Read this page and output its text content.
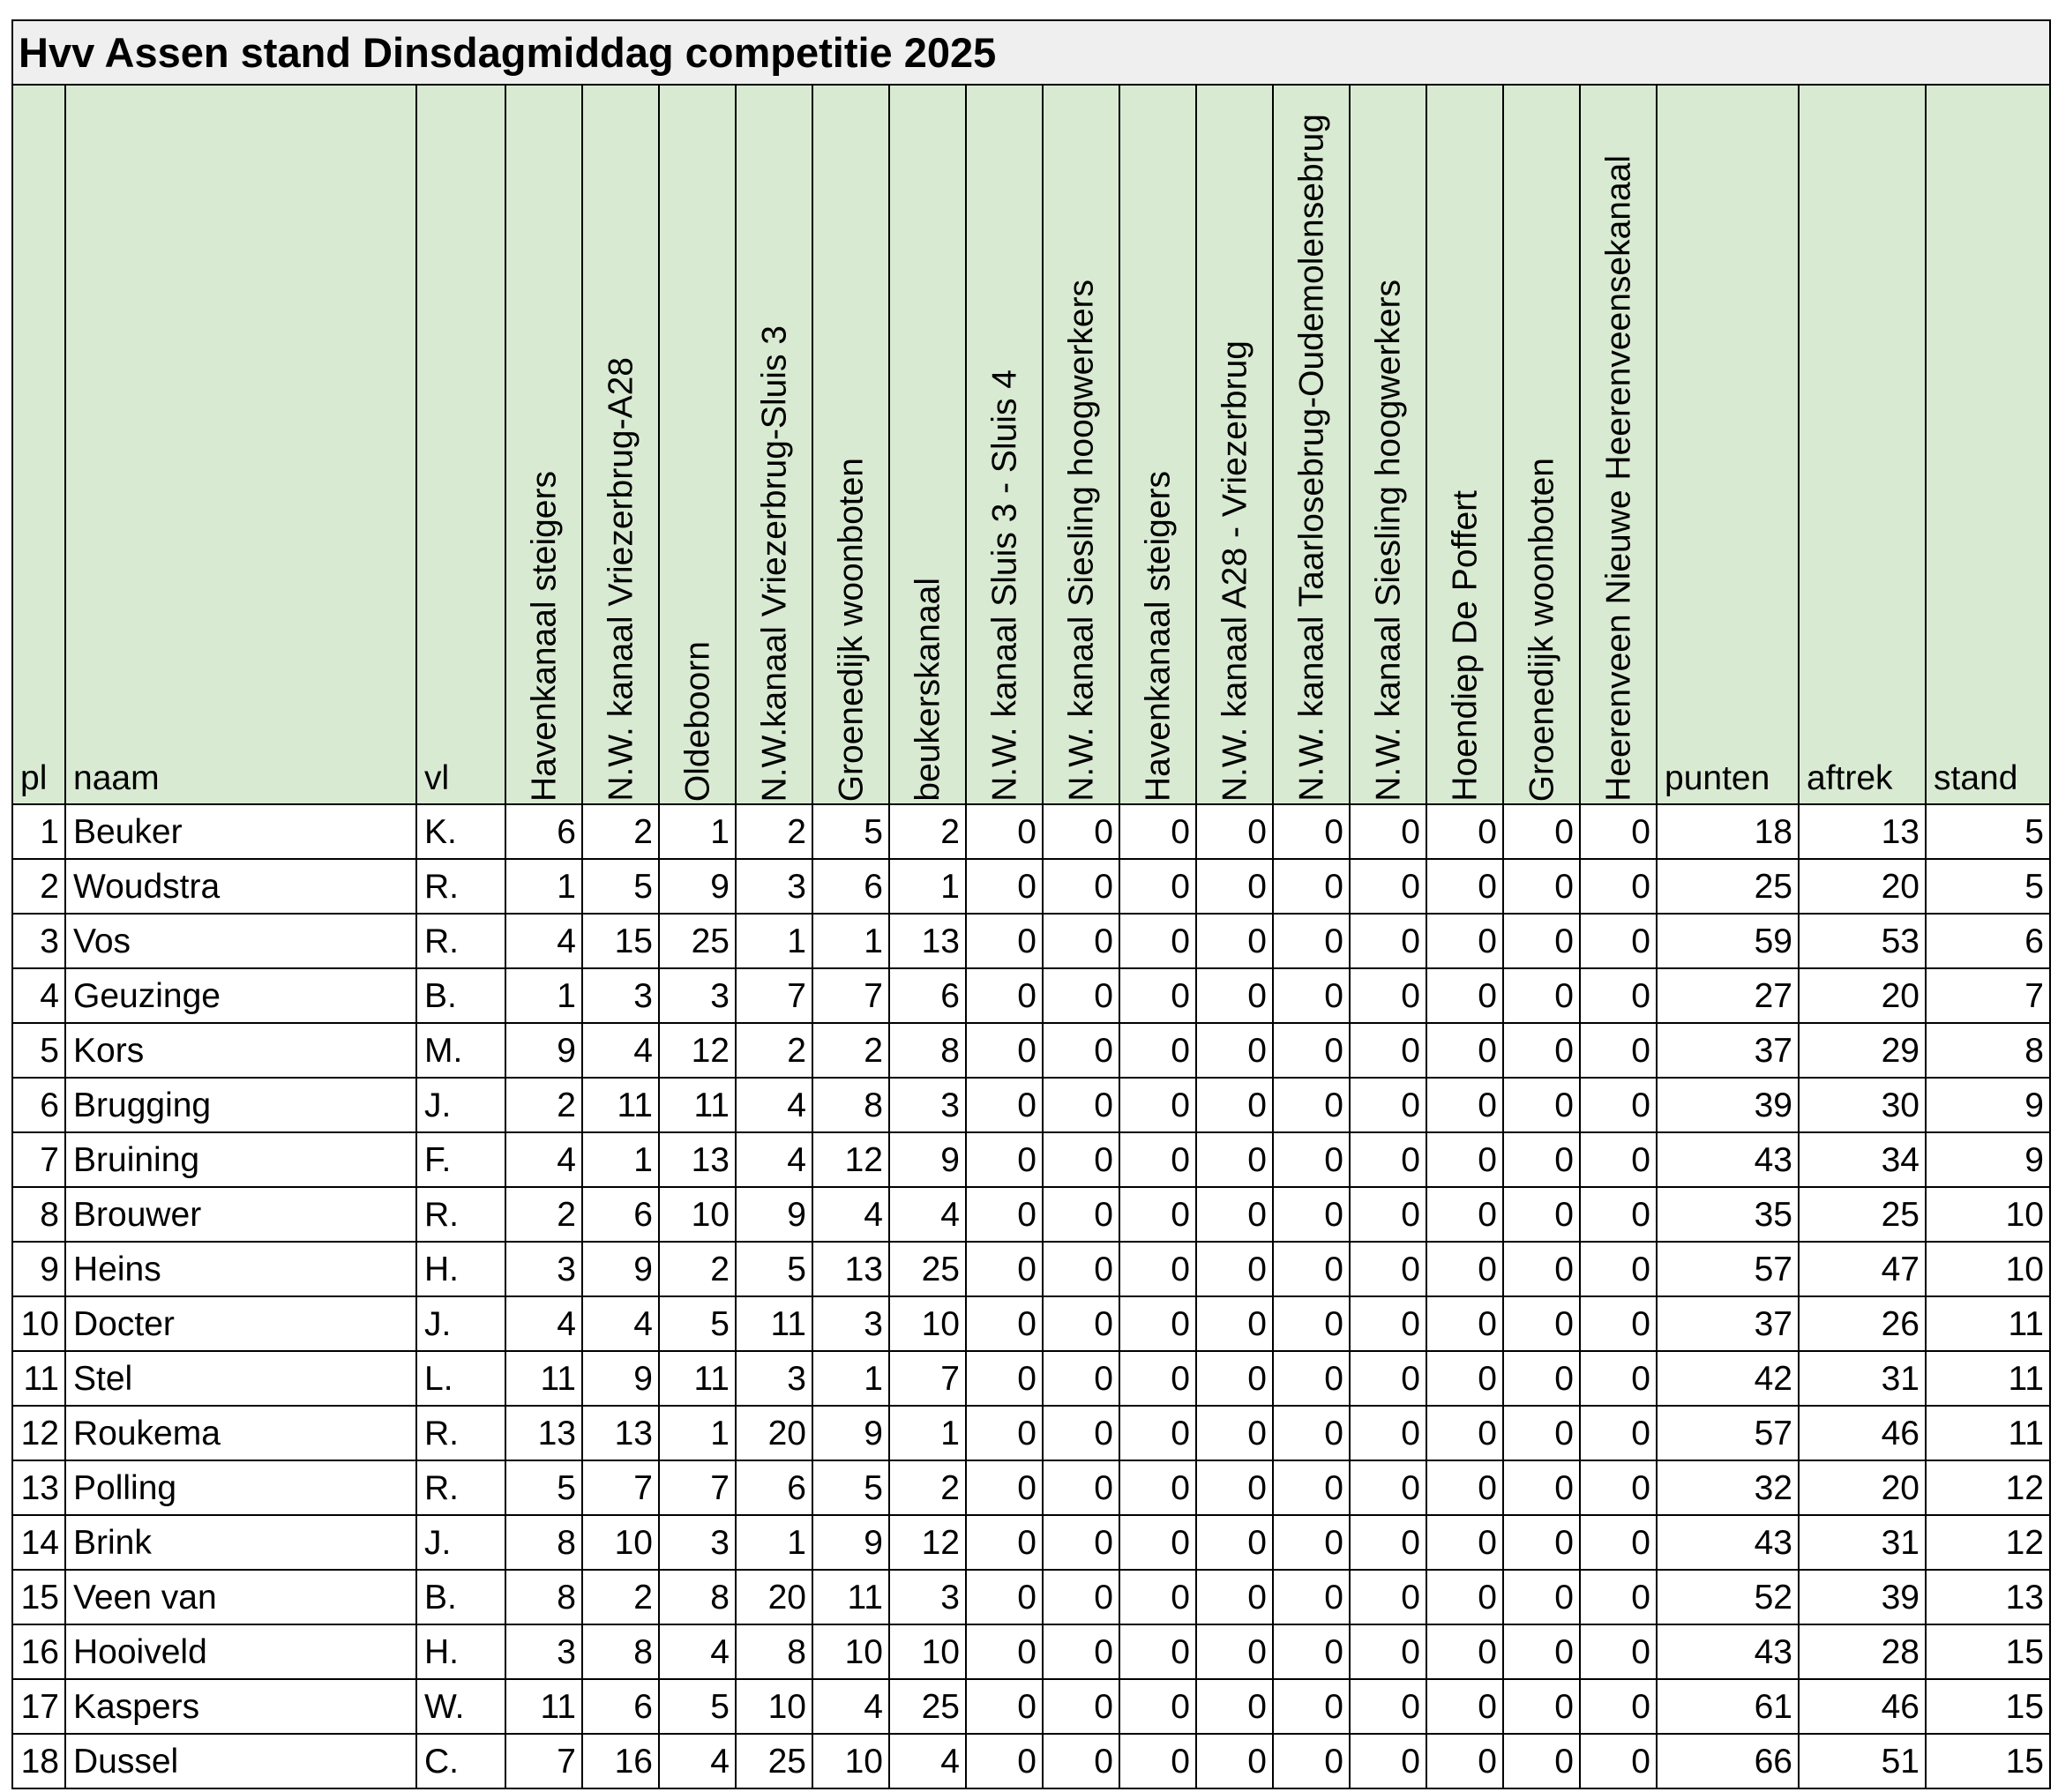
Hvv Assen stand Dinsdagmiddag competitie 2025																				
pl	naam	vl	Havenkanaal steigers	N.W. kanaal Vriezerbrug-A28	Oldeboorn	N.W.kanaal Vriezerbrug-Sluis 3	Groenedijk woonboten	beukerskanaal	N.W. kanaal Sluis 3 - Sluis 4	N.W. kanaal Siesling hoogwerkers	Havenkanaal steigers	N.W. kanaal A28 - Vriezerbrug	N.W. kanaal Taarlosebrug-Oudemolensebrug	N.W. kanaal Siesling hoogwerkers	Hoendiep De Poffert	Groenedijk woonboten	Heerenveen Nieuwe Heerenveensekanaal	punten	aftrek	stand
1	Beuker	K.	6	2	1	2	5	2	0	0	0	0	0	0	0	0	0	18	13	5
2	Woudstra	R.	1	5	9	3	6	1	0	0	0	0	0	0	0	0	0	25	20	5
3	Vos	R.	4	15	25	1	1	13	0	0	0	0	0	0	0	0	0	59	53	6
4	Geuzinge	B.	1	3	3	7	7	6	0	0	0	0	0	0	0	0	0	27	20	7
5	Kors	M.	9	4	12	2	2	8	0	0	0	0	0	0	0	0	0	37	29	8
6	Brugging	J.	2	11	11	4	8	3	0	0	0	0	0	0	0	0	0	39	30	9
7	Bruining	F.	4	1	13	4	12	9	0	0	0	0	0	0	0	0	0	43	34	9
8	Brouwer	R.	2	6	10	9	4	4	0	0	0	0	0	0	0	0	0	35	25	10
9	Heins	H.	3	9	2	5	13	25	0	0	0	0	0	0	0	0	0	57	47	10
10	Docter	J.	4	4	5	11	3	10	0	0	0	0	0	0	0	0	0	37	26	11
11	Stel	L.	11	9	11	3	1	7	0	0	0	0	0	0	0	0	0	42	31	11
12	Roukema	R.	13	13	1	20	9	1	0	0	0	0	0	0	0	0	0	57	46	11
13	Polling	R.	5	7	7	6	5	2	0	0	0	0	0	0	0	0	0	32	20	12
14	Brink	J.	8	10	3	1	9	12	0	0	0	0	0	0	0	0	0	43	31	12
15	Veen van	B.	8	2	8	20	11	3	0	0	0	0	0	0	0	0	0	52	39	13
16	Hooiveld	H.	3	8	4	8	10	10	0	0	0	0	0	0	0	0	0	43	28	15
17	Kaspers	W.	11	6	5	10	4	25	0	0	0	0	0	0	0	0	0	61	46	15
18	Dussel	C.	7	16	4	25	10	4	0	0	0	0	0	0	0	0	0	66	51	15
